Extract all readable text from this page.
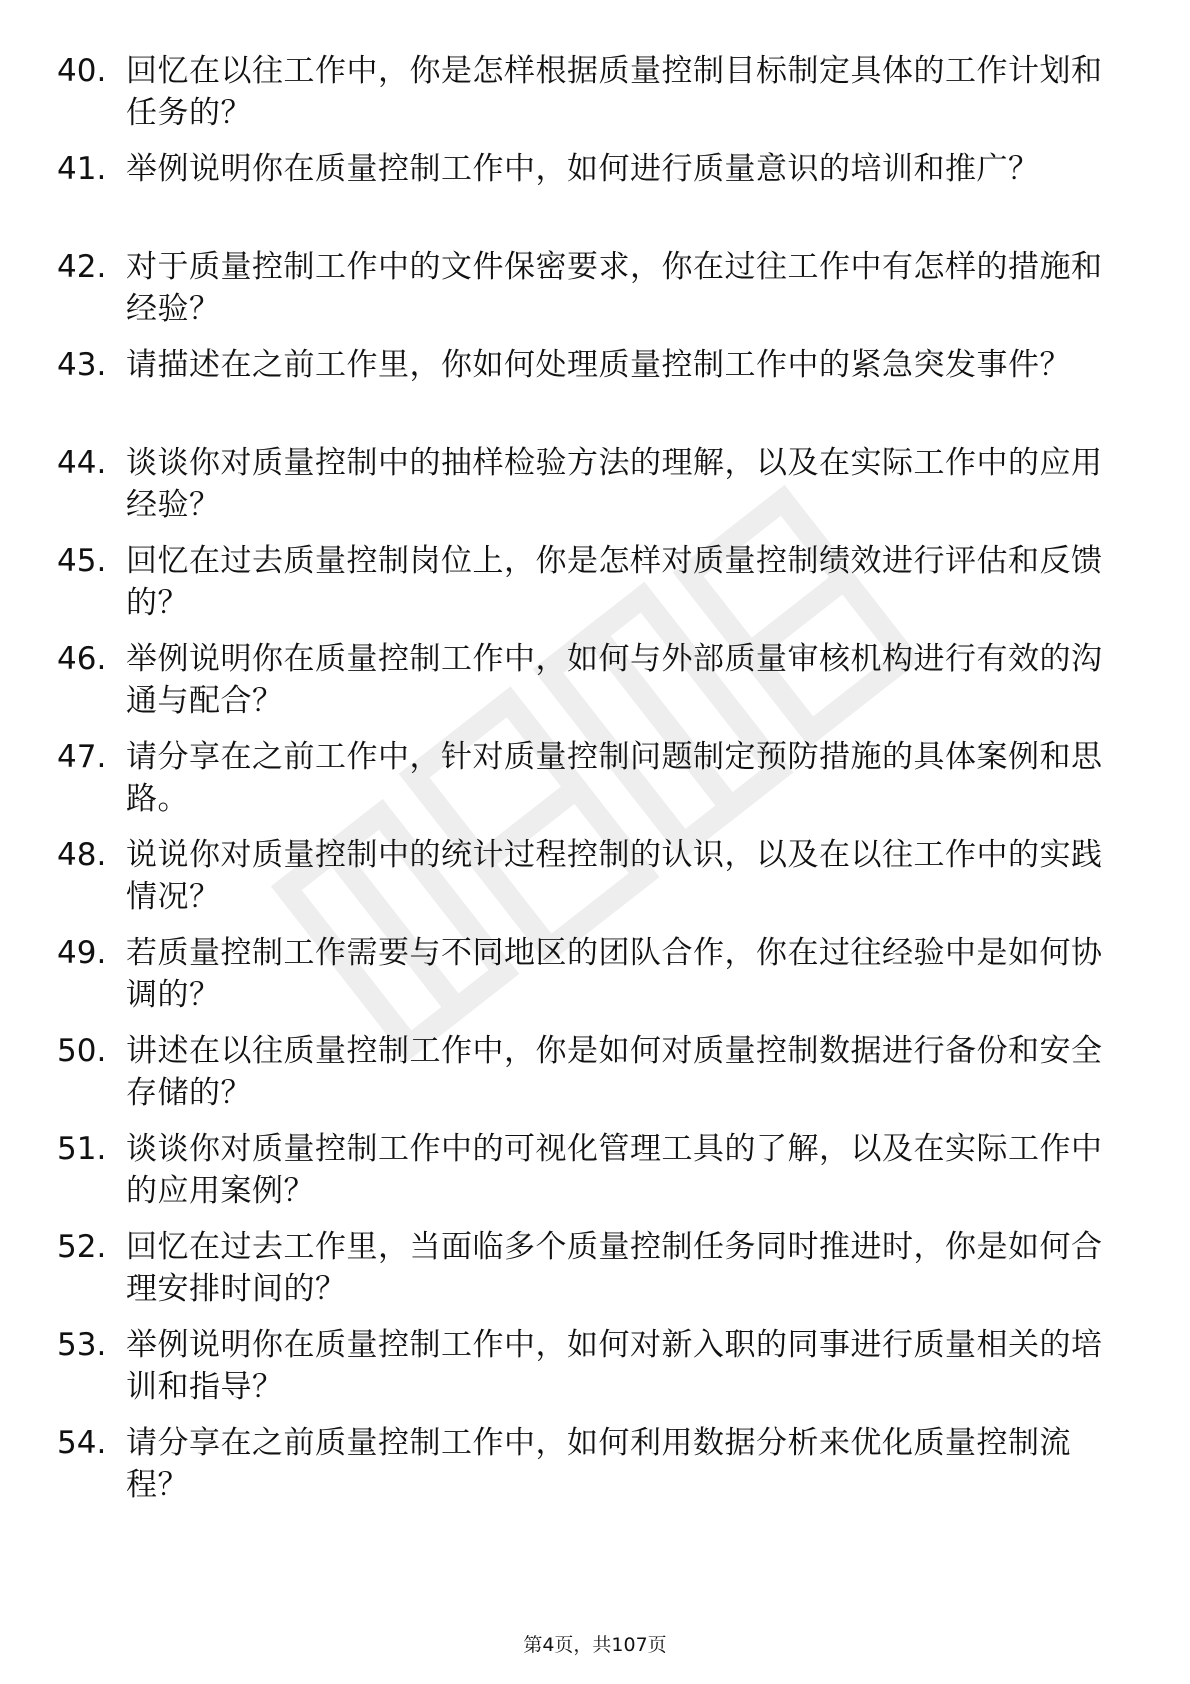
40. 回忆在以往工作中，你是怎样根据质量控制目标制定具体的工作计划和任务的？
41. 举例说明你在质量控制工作中，如何进行质量意识的培训和推广？
42. 对于质量控制工作中的文件保密要求，你在过往工作中有怎样的措施和经验？
43. 请描述在之前工作里，你如何处理质量控制工作中的紧急突发事件？
44. 谈谈你对质量控制中的抽样检验方法的理解，以及在实际工作中的应用经验？
45. 回忆在过去质量控制岗位上，你是怎样对质量控制绩效进行评估和反馈的？
46. 举例说明你在质量控制工作中，如何与外部质量审核机构进行有效的沟通与配合？
47. 请分享在之前工作中，针对质量控制问题制定预防措施的具体案例和思路。
48. 说说你对质量控制中的统计过程控制的认识，以及在以往工作中的实践情况？
49. 若质量控制工作需要与不同地区的团队合作，你在过往经验中是如何协调的？
50. 讲述在以往质量控制工作中，你是如何对质量控制数据进行备份和安全存储的？
51. 谈谈你对质量控制工作中的可视化管理工具的了解，以及在实际工作中的应用案例？
52. 回忆在过去工作里，当面临多个质量控制任务同时推进时，你是如何合理安排时间的？
53. 举例说明你在质量控制工作中，如何对新入职的同事进行质量相关的培训和指导？
54. 请分享在之前质量控制工作中，如何利用数据分析来优化质量控制流程？
第4页，共107页
